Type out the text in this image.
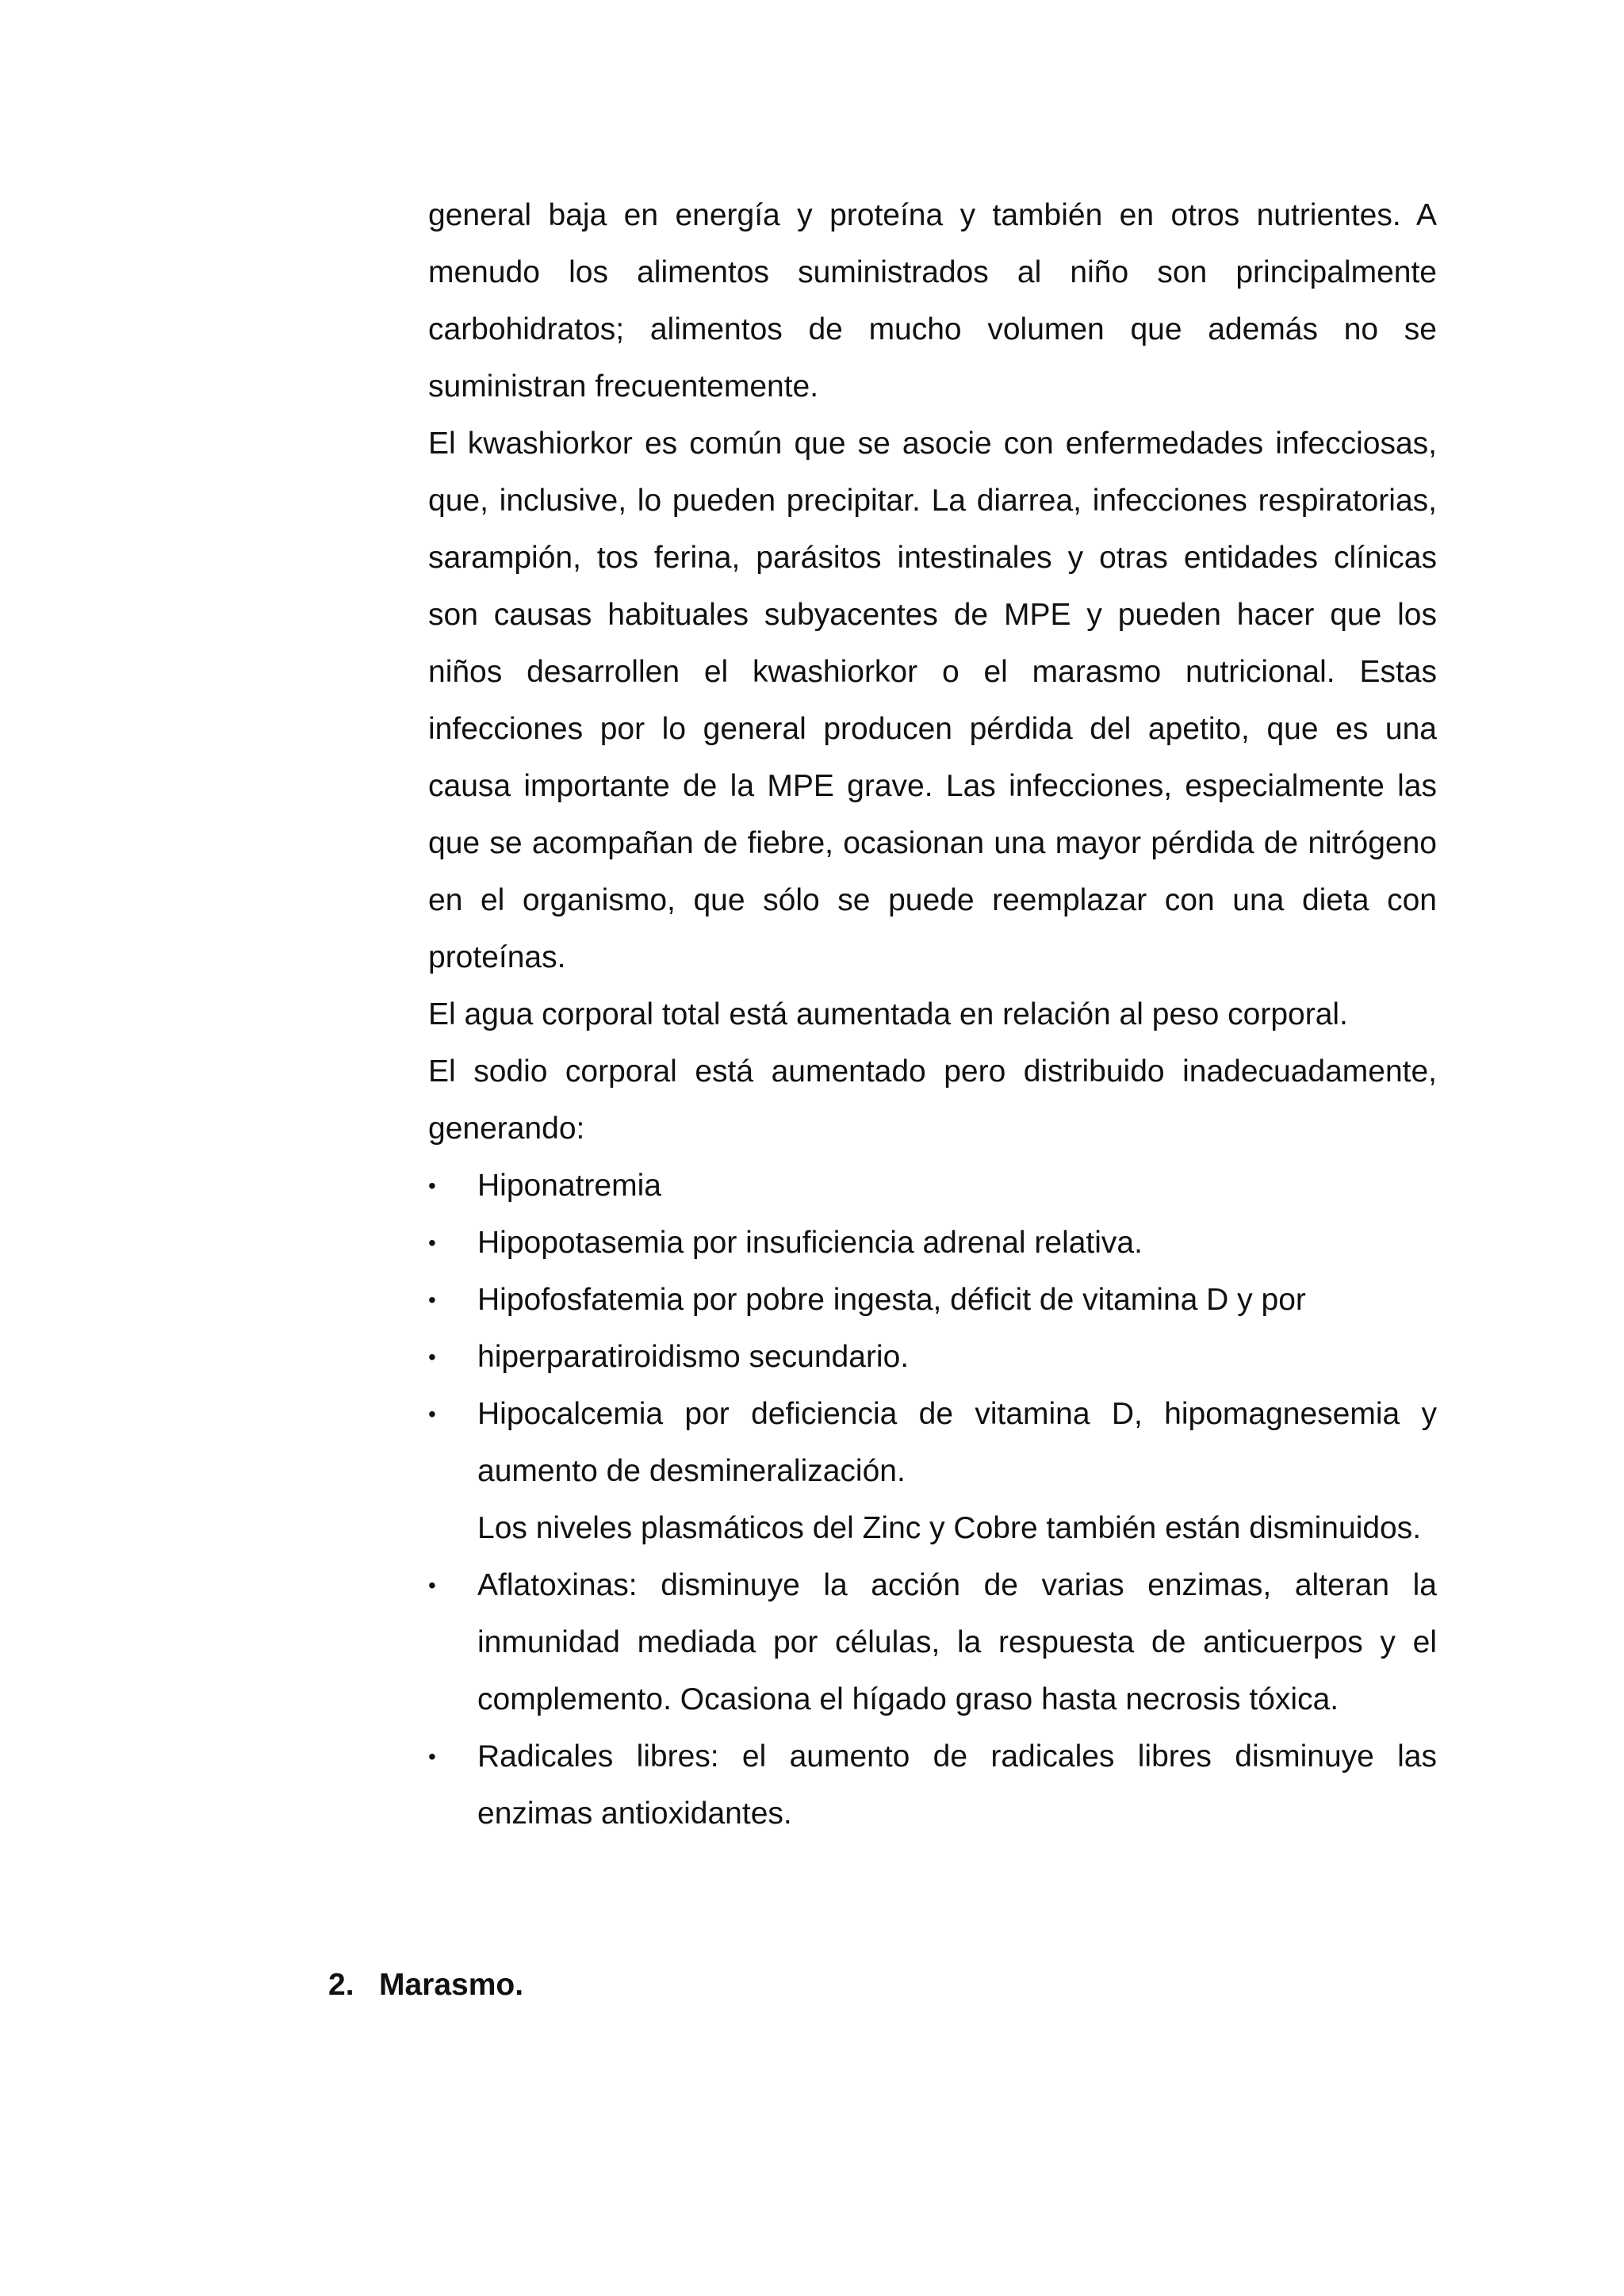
general baja en energía y proteína y también en otros nutrientes. A menudo los alimentos suministrados al niño son principalmente carbohidratos; alimentos de mucho volumen que además no se suministran frecuentemente.

El kwashiorkor es común que se asocie con enfermedades infecciosas, que, inclusive, lo pueden precipitar. La diarrea, infecciones respiratorias, sarampión, tos ferina, parásitos intestinales y otras entidades clínicas son causas habituales subyacentes de MPE y pueden hacer que los niños desarrollen el kwashiorkor o el marasmo nutricional. Estas infecciones por lo general producen pérdida del apetito, que es una causa importante de la MPE grave. Las infecciones, especialmente las que se acompañan de fiebre, ocasionan una mayor pérdida de nitrógeno en el organismo, que sólo se puede reemplazar con una dieta con proteínas.

El agua corporal total está aumentada en relación al peso corporal.

El sodio corporal está aumentado pero distribuido inadecuadamente, generando:

•	Hiponatremia
•	Hipopotasemia por insuficiencia adrenal relativa.
•	Hipofosfatemia por pobre ingesta, déficit de vitamina D y por
•	hiperparatiroidismo secundario.
•	Hipocalcemia por deficiencia de vitamina D, hipomagnesemia y aumento de desmineralización.
Los niveles plasmáticos del Zinc y Cobre también están disminuidos.
•	Aflatoxinas: disminuye la acción de varias enzimas, alteran la inmunidad mediada por células, la respuesta de anticuerpos y el complemento. Ocasiona el hígado graso hasta necrosis tóxica.
•	Radicales libres: el aumento de radicales libres disminuye las enzimas antioxidantes.
2. Marasmo.
